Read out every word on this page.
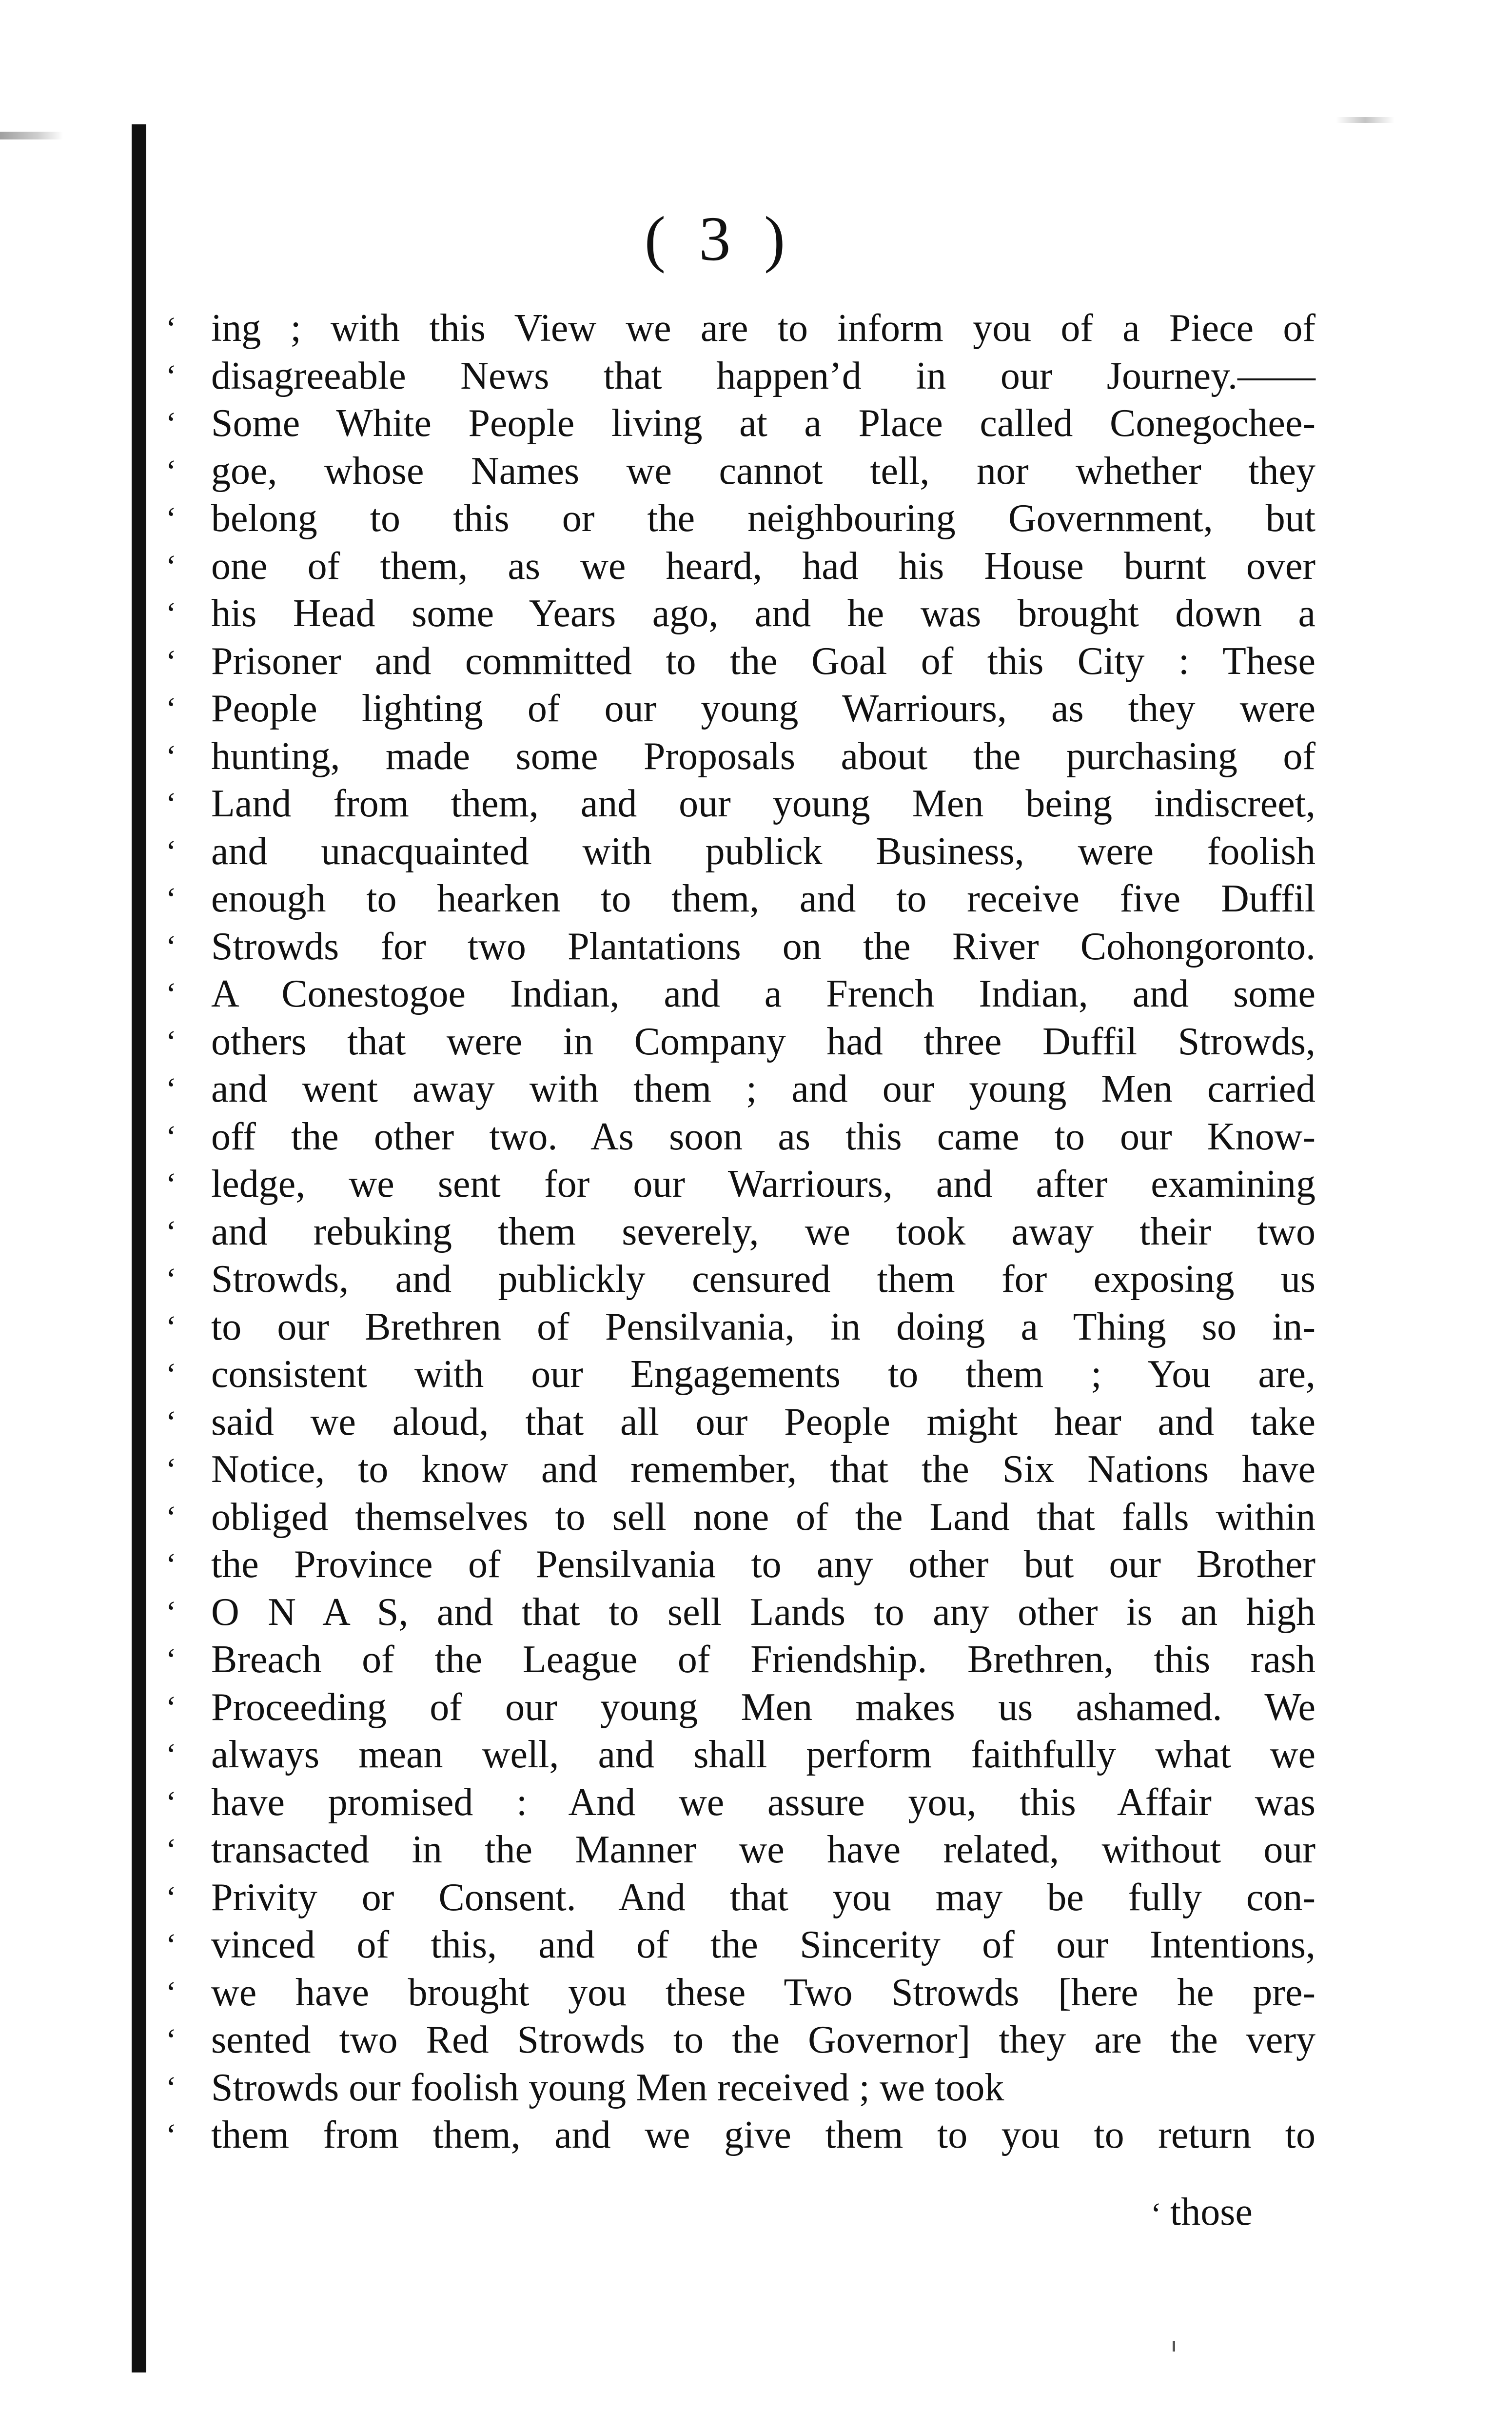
( 3 )
‘ ing ; with this View we are to inform you of a Piece of
‘ disagreeable News that happen’d in our Journey.——
‘ Some White People living at a Place called Conegochee-
‘ goe, whose Names we cannot tell, nor whether they
‘ belong to this or the neighbouring Government, but
‘ one of them, as we heard, had his House burnt over
‘ his Head some Years ago, and he was brought down a
‘ Prisoner and committed to the Goal of this City : These
‘ People lighting of our young Warriours, as they were
‘ hunting, made some Proposals about the purchasing of
‘ Land from them, and our young Men being indiscreet,
‘ and unacquainted with publick Business, were foolish
‘ enough to hearken to them, and to receive five Duffil
‘ Strowds for two Plantations on the River Cohongoronto.
‘ A Conestogoe Indian, and a French Indian, and some
‘ others that were in Company had three Duffil Strowds,
‘ and went away with them ; and our young Men carried
‘ off the other two. As soon as this came to our Know-
‘ ledge, we sent for our Warriours, and after examining
‘ and rebuking them severely, we took away their two
‘ Strowds, and publickly censured them for exposing us
‘ to our Brethren of Pensilvania, in doing a Thing so in-
‘ consistent with our Engagements to them ; You are,
‘ said we aloud, that all our People might hear and take
‘ Notice, to know and remember, that the Six Nations have
‘ obliged themselves to sell none of the Land that falls within
‘ the Province of Pensilvania to any other but our Brother
‘ O N A S, and that to sell Lands to any other is an high
‘ Breach of the League of Friendship. Brethren, this rash
‘ Proceeding of our young Men makes us ashamed. We
‘ always mean well, and shall perform faithfully what we
‘ have promised : And we assure you, this Affair was
‘ transacted in the Manner we have related, without our
‘ Privity or Consent. And that you may be fully con-
‘ vinced of this, and of the Sincerity of our Intentions,
‘ we have brought you these Two Strowds [here he pre-
‘ sented two Red Strowds to the Governor] they are the very
‘ Strowds our foolish young Men received ; we took
‘ them from them, and we give them to you to return to
‘ those
